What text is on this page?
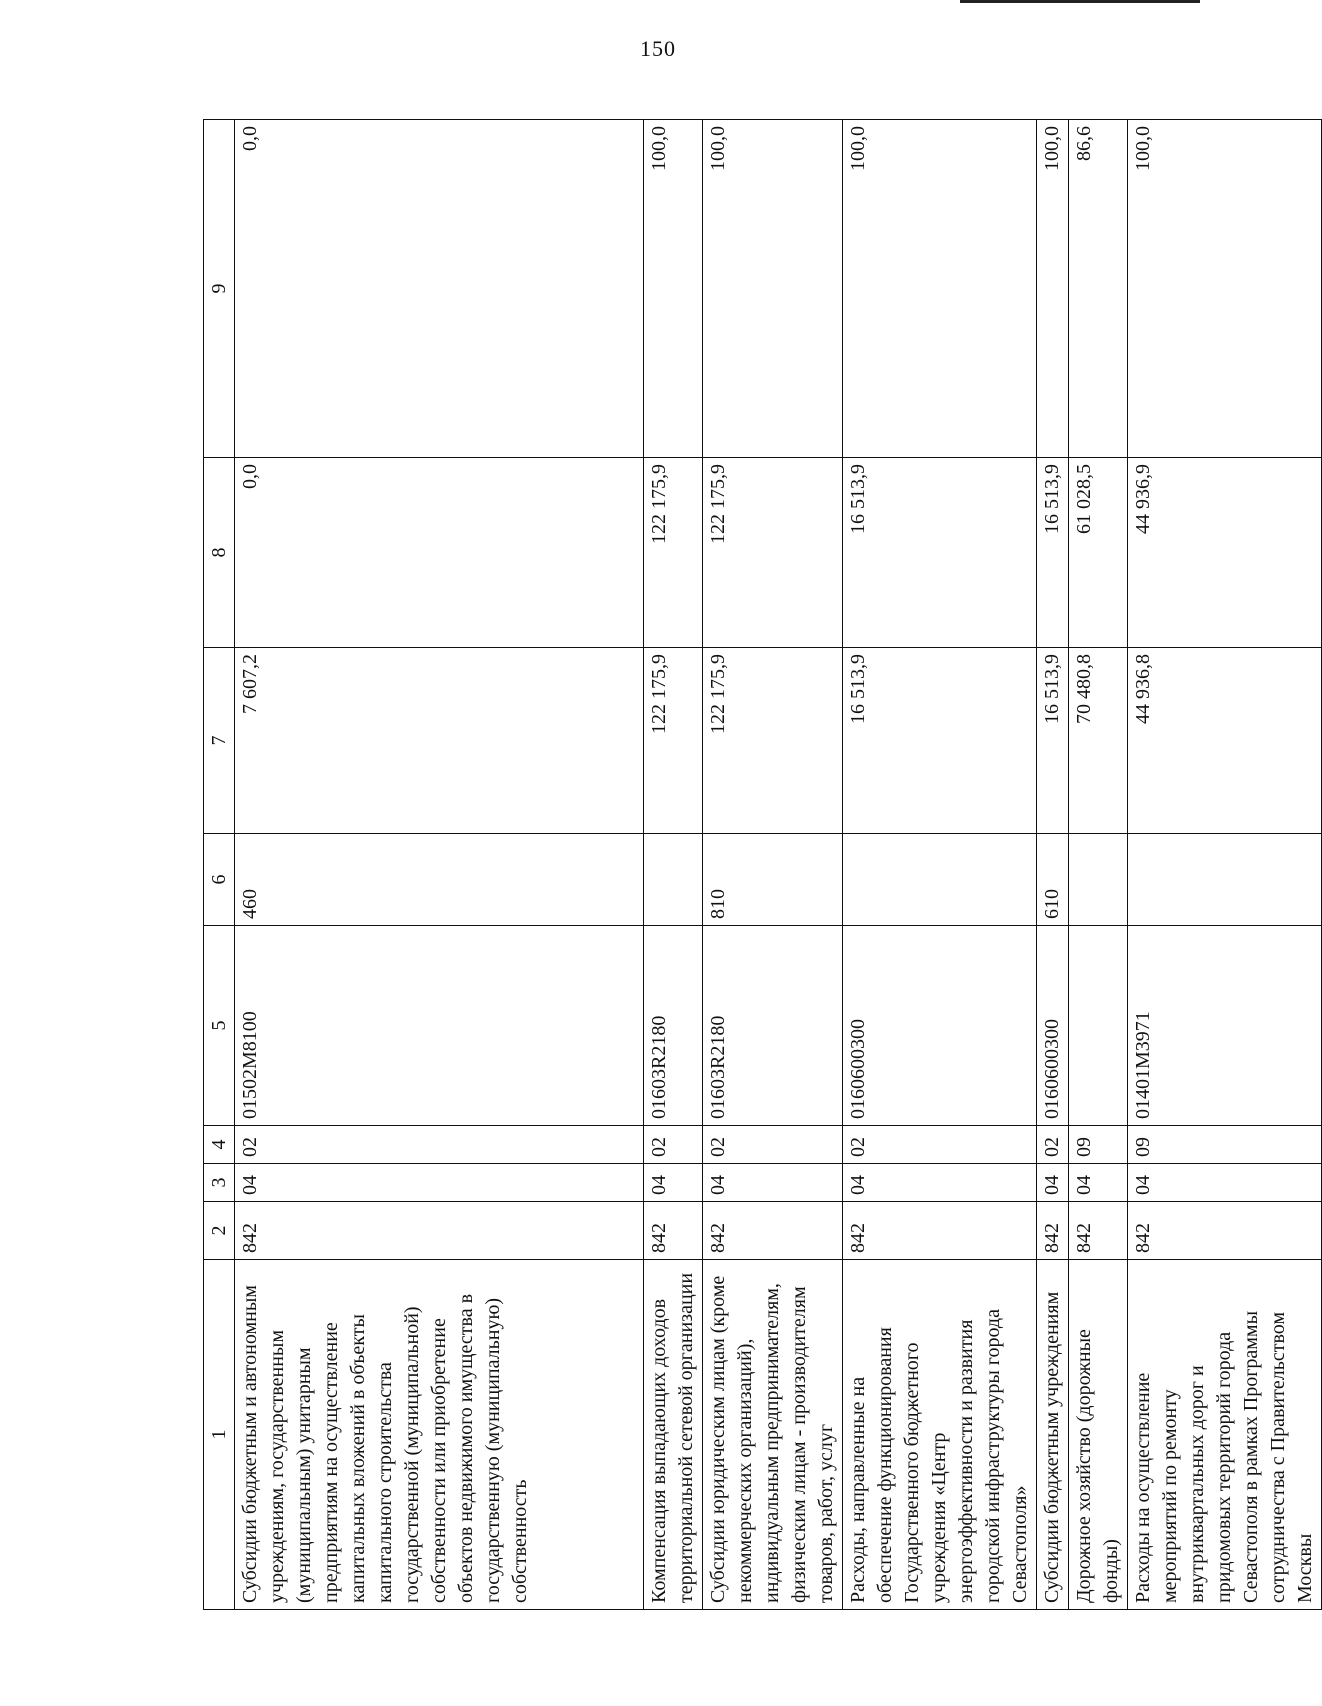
150
1	2	3	4	5	6	7	8	9
Субсидии бюджетным и автономным учреждениям, государственным (муниципальным) унитарным предприятиям на осуществление капитальных вложений в объекты капитального строительства государственной (муниципальной) собственности или приобретение объектов недвижимого имущества в государственную (муниципальную) собственность	842	04	02	01502M8100	460	7 607,2	0,0	0,0
Компенсация выпадающих доходов территориальной сетевой организации	842	04	02	01603R2180		122 175,9	122 175,9	100,0
Субсидии юридическим лицам (кроме некоммерческих организаций), индивидуальным предпринимателям, физическим лицам - производителям товаров, работ, услуг	842	04	02	01603R2180	810	122 175,9	122 175,9	100,0
Расходы, направленные на обеспечение функционирования Государственного бюджетного учреждения «Центр энергоэффективности и развития городской инфраструктуры города Севастополя»	842	04	02	0160600300		16 513,9	16 513,9	100,0
Субсидии бюджетным учреждениям	842	04	02	0160600300	610	16 513,9	16 513,9	100,0
Дорожное хозяйство (дорожные фонды)	842	04	09			70 480,8	61 028,5	86,6
Расходы на осуществление мероприятий по ремонту внутриквартальных дорог и придомовых территорий города Севастополя в рамках Программы сотрудничества с Правительством Москвы	842	04	09	01401M3971		44 936,8	44 936,9	100,0
